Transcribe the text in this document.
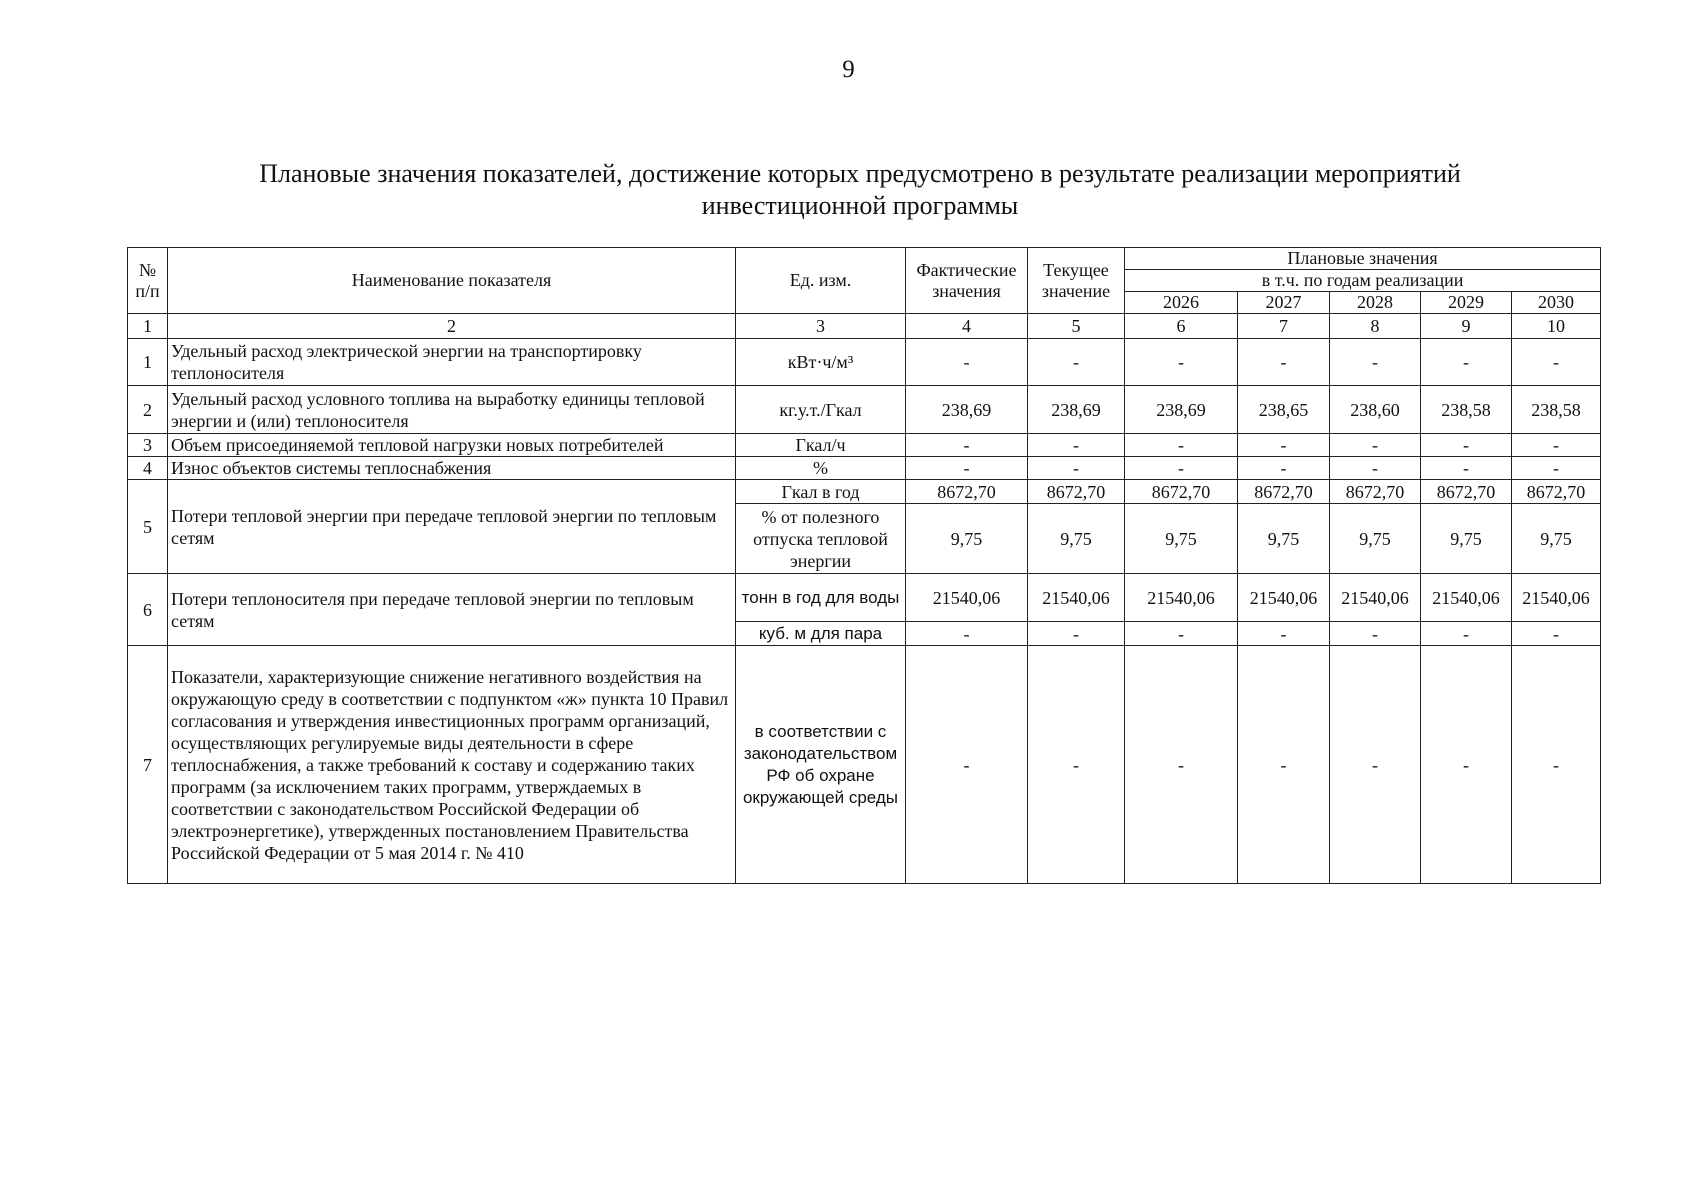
9
Плановые значения показателей, достижение которых предусмотрено в результате реализации мероприятий
инвестиционной программы
№ п/п	Наименование показателя	Ед. изм.	Фактические значения	Текущее значение	Плановые значения				
					в т.ч. по годам реализации				
					2026	2027	2028	2029	2030
1	2	3	4	5	6	7	8	9	10
1	Удельный расход электрической энергии на транспортировку теплоносителя	кВт·ч/м³	-	-	-	-	-	-	-
2	Удельный расход условного топлива на выработку единицы тепловой энергии и (или) теплоносителя	кг.у.т./Гкал	238,69	238,69	238,69	238,65	238,60	238,58	238,58
3	Объем присоединяемой тепловой нагрузки новых потребителей	Гкал/ч	-	-	-	-	-	-	-
4	Износ объектов системы теплоснабжения	%	-	-	-	-	-	-	-
5	Потери тепловой энергии при передаче тепловой энергии по тепловым сетям	Гкал в год	8672,70	8672,70	8672,70	8672,70	8672,70	8672,70	8672,70
		% от полезного отпуска тепловой энергии	9,75	9,75	9,75	9,75	9,75	9,75	9,75
6	Потери теплоносителя при передаче тепловой энергии по тепловым сетям	тонн в год для воды	21540,06	21540,06	21540,06	21540,06	21540,06	21540,06	21540,06
		куб. м для пара	-	-	-	-	-	-	-
7	Показатели, характеризующие снижение негативного воздействия на окружающую среду в соответствии с подпунктом «ж» пункта 10 Правил согласования и утверждения инвестиционных программ организаций, осуществляющих регулируемые виды деятельности в сфере теплоснабжения, а также требований к составу и содержанию таких программ (за исключением таких программ, утверждаемых в соответствии с законодательством Российской Федерации об электроэнергетике), утвержденных постановлением Правительства Российской Федерации от 5 мая 2014 г. № 410	в соответствии с законодательством РФ об охране окружающей среды	-	-	-	-	-	-	-
